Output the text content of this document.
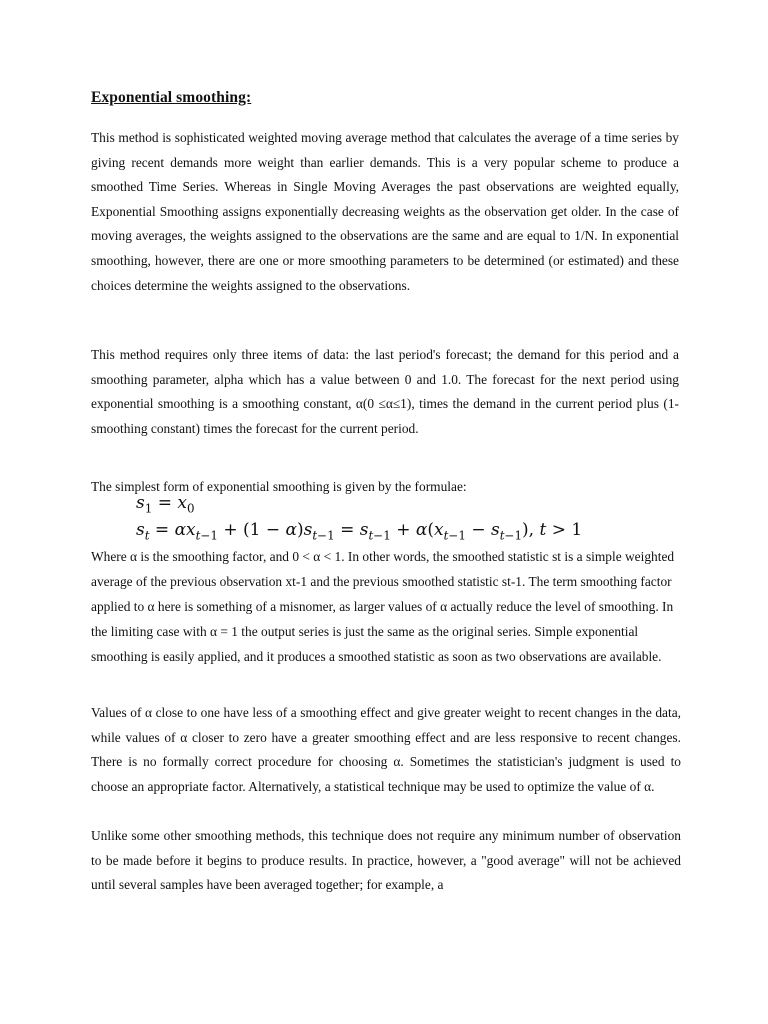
Exponential smoothing:

This method is sophisticated weighted moving average method that calculates the average of a time series by giving recent demands more weight than earlier demands. This is a very popular scheme to produce a smoothed Time Series. Whereas in Single Moving Averages the past observations are weighted equally, Exponential Smoothing assigns exponentially decreasing weights as the observation get older. In the case of moving averages, the weights assigned to the observations are the same and are equal to 1/N. In exponential smoothing, however, there are one or more smoothing parameters to be determined (or estimated) and these choices determine the weights assigned to the observations.

This method requires only three items of data: the last period's forecast; the demand for this period and a smoothing parameter, alpha which has a value between 0 and 1.0. The forecast for the next period using exponential smoothing is a smoothing constant, α(0 ≤α≤1), times the demand in the current period plus (1- smoothing constant) times the forecast for the current period.

The simplest form of exponential smoothing is given by the formulae:

$s_1 = x_0$
$s_t = \alpha x_{t-1} + (1 - \alpha)s_{t-1} = s_{t-1} + \alpha(x_{t-1} - s_{t-1})$, t > 1

Where α is the smoothing factor, and 0 < α < 1. In other words, the smoothed statistic st is a simple weighted average of the previous observation xt-1 and the previous smoothed statistic st-1. The term smoothing factor applied to α here is something of a misnomer, as larger values of α actually reduce the level of smoothing. In the limiting case with α = 1 the output series is just the same as the original series. Simple exponential smoothing is easily applied, and it produces a smoothed statistic as soon as two observations are available.

Values of α close to one have less of a smoothing effect and give greater weight to recent changes in the data, while values of α closer to zero have a greater smoothing effect and are less responsive to recent changes. There is no formally correct procedure for choosing α. Sometimes the statistician's judgment is used to choose an appropriate factor. Alternatively, a statistical technique may be used to optimize the value of α.

Unlike some other smoothing methods, this technique does not require any minimum number of observation to be made before it begins to produce results. In practice, however, a "good average" will not be achieved until several samples have been averaged together; for example, a
